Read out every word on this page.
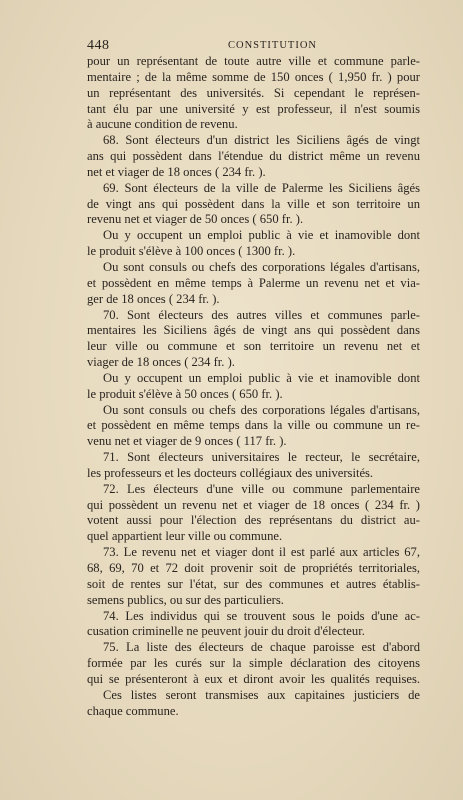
448	CONSTITUTION
pour un représentant de toute autre ville et commune parle-
mentaire ; de la même somme de 150 onces ( 1,950 fr. ) pour
un représentant des universités. Si cependant le représen-
tant élu par une université y est professeur, il n'est soumis
à aucune condition de revenu.
68. Sont électeurs d'un district les Siciliens âgés de vingt
ans qui possèdent dans l'étendue du district même un revenu
net et viager de 18 onces ( 234 fr. ).
69. Sont électeurs de la ville de Palerme les Siciliens âgés
de vingt ans qui possèdent dans la ville et son territoire un
revenu net et viager de 50 onces ( 650 fr. ).
Ou y occupent un emploi public à vie et inamovible dont
le produit s'élève à 100 onces ( 1300 fr. ).
Ou sont consuls ou chefs des corporations légales d'artisans,
et possèdent en même temps à Palerme un revenu net et via-
ger de 18 onces ( 234 fr. ).
70. Sont électeurs des autres villes et communes parle-
mentaires les Siciliens âgés de vingt ans qui possèdent dans
leur ville ou commune et son territoire un revenu net et
viager de 18 onces ( 234 fr. ).
Ou y occupent un emploi public à vie et inamovible dont
le produit s'élève à 50 onces ( 650 fr. ).
Ou sont consuls ou chefs des corporations légales d'artisans,
et possèdent en même temps dans la ville ou commune un re-
venu net et viager de 9 onces ( 117 fr. ).
71. Sont électeurs universitaires le recteur, le secrétaire,
les professeurs et les docteurs collégiaux des universités.
72. Les électeurs d'une ville ou commune parlementaire
qui possèdent un revenu net et viager de 18 onces ( 234 fr. )
votent aussi pour l'élection des représentans du district au-
quel appartient leur ville ou commune.
73. Le revenu net et viager dont il est parlé aux articles 67,
68, 69, 70 et 72 doit provenir soit de propriétés territoriales,
soit de rentes sur l'état, sur des communes et autres établis-
semens publics, ou sur des particuliers.
74. Les individus qui se trouvent sous le poids d'une ac-
cusation criminelle ne peuvent jouir du droit d'électeur.
75. La liste des électeurs de chaque paroisse est d'abord
formée par les curés sur la simple déclaration des citoyens
qui se présenteront à eux et diront avoir les qualités requises.
Ces listes seront transmises aux capitaines justiciers de
chaque commune.
